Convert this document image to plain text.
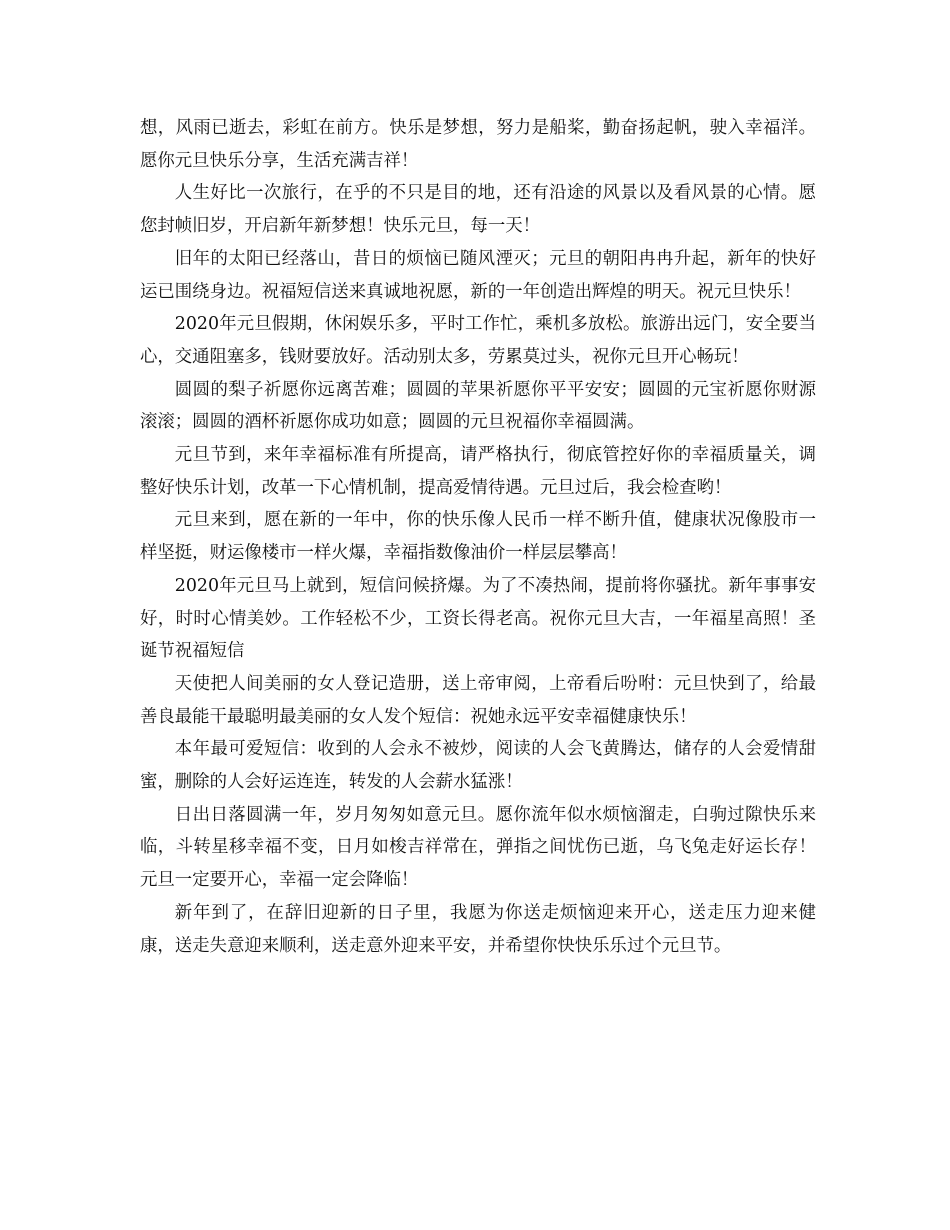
想，风雨已逝去，彩虹在前方。快乐是梦想，努力是船桨，勤奋扬起帆，驶入幸福洋。愿你元旦快乐分享，生活充满吉祥！

人生好比一次旅行，在乎的不只是目的地，还有沿途的风景以及看风景的心情。愿您封帧旧岁，开启新年新梦想！快乐元旦，每一天！

旧年的太阳已经落山，昔日的烦恼已随风湮灭；元旦的朝阳冉冉升起，新年的快好运已围绕身边。祝福短信送来真诚地祝愿，新的一年创造出辉煌的明天。祝元旦快乐！

2020年元旦假期，休闲娱乐多，平时工作忙，乘机多放松。旅游出远门，安全要当心，交通阻塞多，钱财要放好。活动别太多，劳累莫过头，祝你元旦开心畅玩！

圆圆的梨子祈愿你远离苦难；圆圆的苹果祈愿你平平安安；圆圆的元宝祈愿你财源滚滚；圆圆的酒杯祈愿你成功如意；圆圆的元旦祝福你幸福圆满。

元旦节到，来年幸福标准有所提高，请严格执行，彻底管控好你的幸福质量关，调整好快乐计划，改革一下心情机制，提高爱情待遇。元旦过后，我会检查哟！

元旦来到，愿在新的一年中，你的快乐像人民币一样不断升值，健康状况像股市一样坚挺，财运像楼市一样火爆，幸福指数像油价一样层层攀高！

2020年元旦马上就到，短信问候挤爆。为了不凑热闹，提前将你骚扰。新年事事安好，时时心情美妙。工作轻松不少，工资长得老高。祝你元旦大吉，一年福星高照！圣诞节祝福短信

天使把人间美丽的女人登记造册，送上帝审阅，上帝看后吩咐：元旦快到了，给最善良最能干最聪明最美丽的女人发个短信：祝她永远平安幸福健康快乐！

本年最可爱短信：收到的人会永不被炒，阅读的人会飞黄腾达，储存的人会爱情甜蜜，删除的人会好运连连，转发的人会薪水猛涨！

日出日落圆满一年，岁月匆匆如意元旦。愿你流年似水烦恼溜走，白驹过隙快乐来临，斗转星移幸福不变，日月如梭吉祥常在，弹指之间忧伤已逝，乌飞兔走好运长存！元旦一定要开心，幸福一定会降临！

新年到了，在辞旧迎新的日子里，我愿为你送走烦恼迎来开心，送走压力迎来健康，送走失意迎来顺利，送走意外迎来平安，并希望你快快乐乐过个元旦节。
